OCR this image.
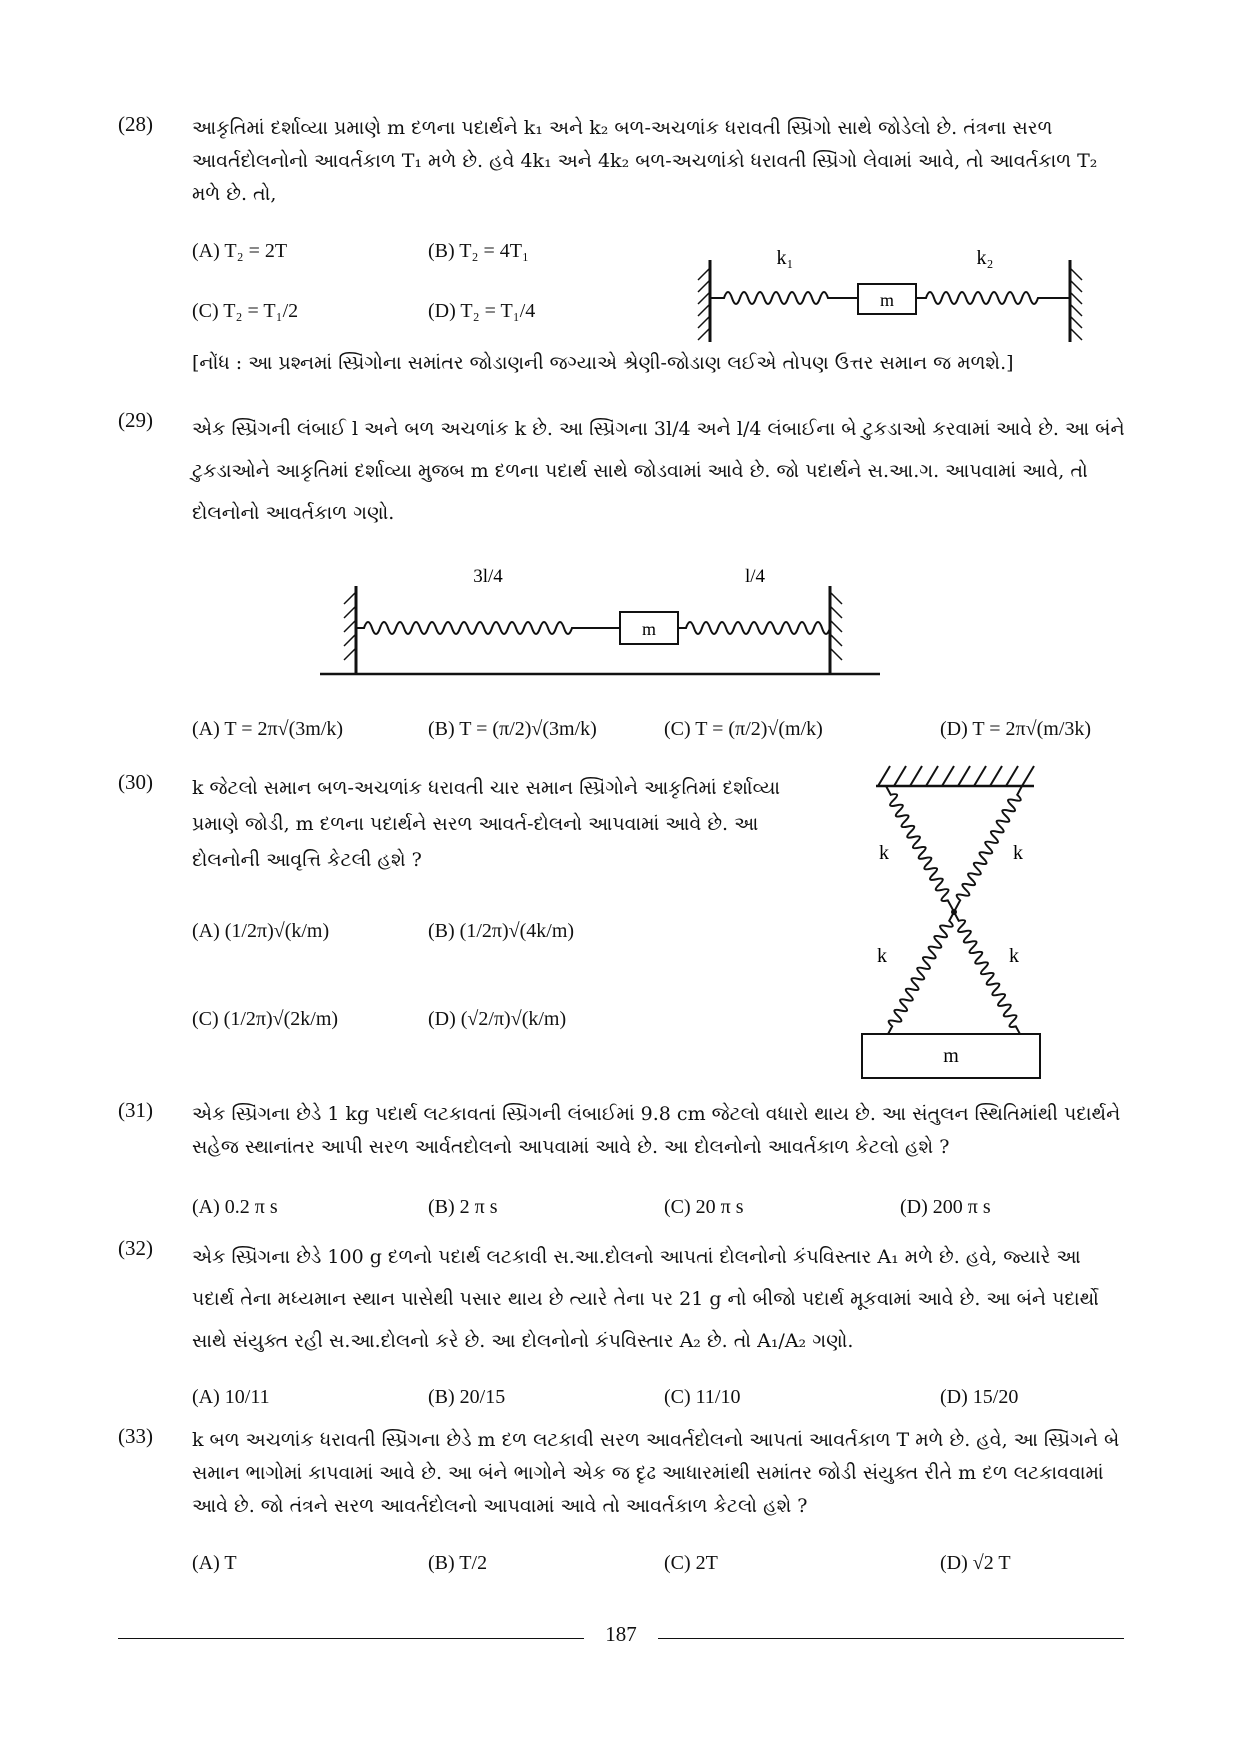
(28) આકૃતિમાં દર્શાવ્યા પ્રમાણે m દળના પદાર્થને k₁ અને k₂ બળ-અચળાંક ધરાવતી સ્પ્રિંગો સાથે જોડેલો છે. તંત્રના સરળ આવર્તદોલનોનો આવર્તકાળ T₁ મળે છે. હવે 4k₁ અને 4k₂ બળ-અચળાંકો ધરાવતી સ્પ્રિંગો લેવામાં આવે, તો આવર્તકાળ T₂ મળે છે. તો,
(A) T₂ = 2T	(B) T₂ = 4T₁
(C) T₂ = T₁/2	(D) T₂ = T₁/4	m
k₁	k₂
[નોંધ : આ પ્રશ્નમાં સ્પ્રિંગોના સમાંતર જોડાણની જગ્યાએ શ્રેણી-જોડાણ લઈએ તોપણ ઉત્તર સમાન જ મળશે.]
(29) એક સ્પ્રિંગની લંબાઈ l અને બળ અચળાંક k છે. આ સ્પ્રિંગના 3l/4 અને l/4 લંબાઈના બે ટુકડાઓ કરવામાં આવે છે. આ બંને ટુકડાઓને આકૃતિમાં દર્શાવ્યા મુજબ m દળના પદાર્થ સાથે જોડવામાં આવે છે. જો પદાર્થને સ.આ.ગ. આપવામાં આવે, તો દોલનોનો આવર્તકાળ ગણો.
m
3l/4	l/4
(A) T = 2π√(3m/k)	(B) T = (π/2)√(3m/k)	(C) T = (π/2)√(m/k)	(D) T = 2π√(m/3k)
(30) k જેટલો સમાન બળ-અચળાંક ધરાવતી ચાર સમાન સ્પ્રિંગોને આકૃતિમાં દર્શાવ્યા પ્રમાણે જોડી, m દળના પદાર્થને સરળ આવર્ત-દોલનો આપવામાં આવે છે. આ દોલનોની આવૃત્તિ કેટલી હશે ?
(A) (1/2π)√(k/m)	(B) (1/2π)√(4k/m)
(C) (1/2π)√(2k/m)	(D) (√2/π)√(k/m)
m
k	k
k	k
(31) એક સ્પ્રિંગના છેડે 1 kg પદાર્થ લટકાવતાં સ્પ્રિંગની લંબાઈમાં 9.8 cm જેટલો વધારો થાય છે. આ સંતુલન સ્થિતિમાંથી પદાર્થને સહેજ સ્થાનાંતર આપી સરળ આર્વતદોલનો આપવામાં આવે છે. આ દોલનોનો આવર્તકાળ કેટલો હશે ?
(A) 0.2 π s	(B) 2 π s	(C) 20 π s	(D) 200 π s
(32) એક સ્પ્રિંગના છેડે 100 g દળનો પદાર્થ લટકાવી સ.આ.દોલનો આપતાં દોલનોનો કંપવિસ્તાર A₁ મળે છે. હવે, જ્યારે આ પદાર્થ તેના મધ્યમાન સ્થાન પાસેથી પસાર થાય છે ત્યારે તેના પર 21 g નો બીજો પદાર્થ મૂકવામાં આવે છે. આ બંને પદાર્થો સાથે સંયુક્ત રહી સ.આ.દોલનો કરે છે. આ દોલનોનો કંપવિસ્તાર A₂ છે. તો A₁/A₂ ગણો.
(A) 10/11	(B) 20/15	(C) 11/10	(D) 15/20
(33) k બળ અચળાંક ધરાવતી સ્પ્રિંગના છેડે m દળ લટકાવી સરળ આવર્તદોલનો આપતાં આવર્તકાળ T મળે છે. હવે, આ સ્પ્રિંગને બે સમાન ભાગોમાં કાપવામાં આવે છે. આ બંને ભાગોને એક જ દૃઢ આધારમાંથી સમાંતર જોડી સંયુક્ત રીતે m દળ લટકાવવામાં આવે છે. જો તંત્રને સરળ આવર્તદોલનો આપવામાં આવે તો આવર્તકાળ કેટલો હશે ?
(A) T	(B) T/2	(C) 2T	(D) √2 T
187
